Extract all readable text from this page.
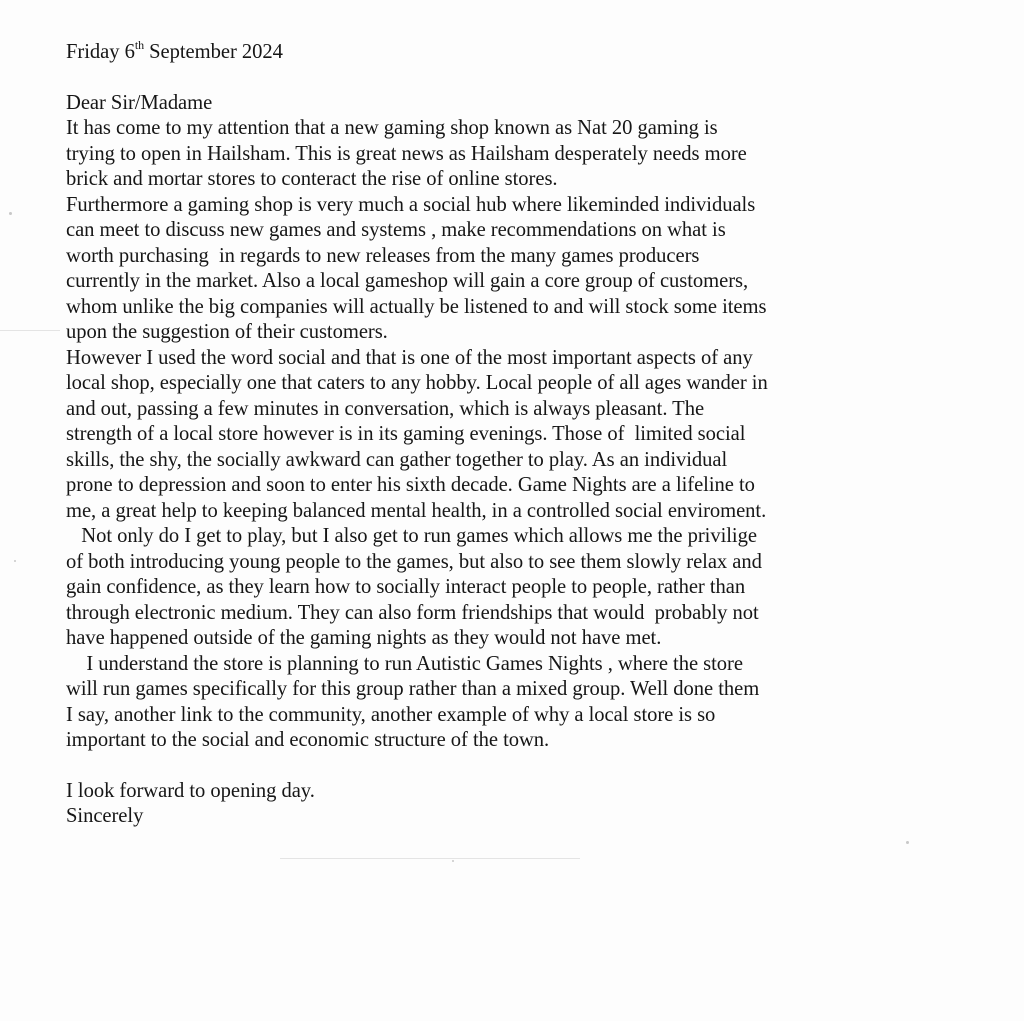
Friday 6th September 2024
Dear Sir/Madame
It has come to my attention that a new gaming shop known as Nat 20 gaming is
trying to open in Hailsham. This is great news as Hailsham desperately needs more
brick and mortar stores to conteract the rise of online stores.
Furthermore a gaming shop is very much a social hub where likeminded individuals
can meet to discuss new games and systems , make recommendations on what is
worth purchasing  in regards to new releases from the many games producers
currently in the market. Also a local gameshop will gain a core group of customers,
whom unlike the big companies will actually be listened to and will stock some items
upon the suggestion of their customers.
However I used the word social and that is one of the most important aspects of any
local shop, especially one that caters to any hobby. Local people of all ages wander in
and out, passing a few minutes in conversation, which is always pleasant. The
strength of a local store however is in its gaming evenings. Those of  limited social
skills, the shy, the socially awkward can gather together to play. As an individual
prone to depression and soon to enter his sixth decade. Game Nights are a lifeline to
me, a great help to keeping balanced mental health, in a controlled social enviroment.
Not only do I get to play, but I also get to run games which allows me the privilige
of both introducing young people to the games, but also to see them slowly relax and
gain confidence, as they learn how to socially interact people to people, rather than
through electronic medium. They can also form friendships that would  probably not
have happened outside of the gaming nights as they would not have met.
I understand the store is planning to run Autistic Games Nights , where the store
will run games specifically for this group rather than a mixed group. Well done them
I say, another link to the community, another example of why a local store is so
important to the social and economic structure of the town.
I look forward to opening day.
Sincerely
